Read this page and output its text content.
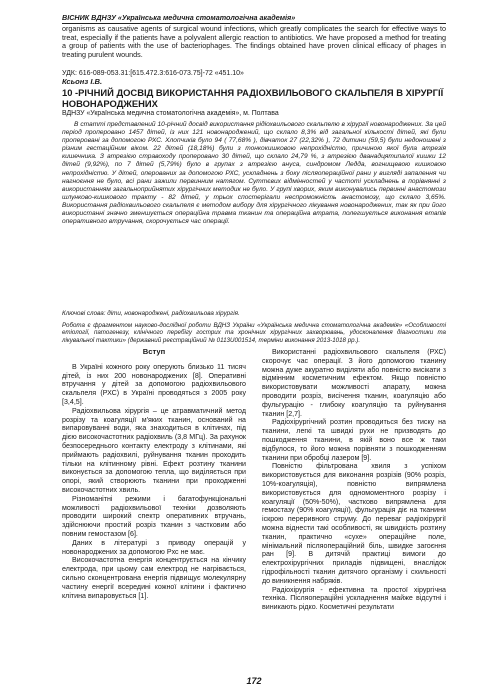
ВІСНИК ВДНЗУ «Українська медична стоматологічна академія»
organisms as causative agents of surgical wound infections, which greatly complicates the search for effective ways to treat, especially if the patients have a polyvalent allergic reaction to antibiotics. We have proposed a method for treating a group of patients with the use of bacteriophages. The findings obtained have proven clinical efficacy of phages in treating purulent wounds.
УДК: 616-089-053.31:[615.472.3:616-073.75]-72 «451.10»
Ксьонз І.В.
10 -РІЧНИЙ ДОСВІД ВИКОРИСТАННЯ РАДІОХВИЛЬОВОГО СКАЛЬПЕЛЯ В ХІРУРГІЇ НОВОНАРОДЖЕНИХ
ВДНЗУ «Українська медична стоматологічна академія», м. Полтава
В статті представлений 10-річний досвід використання рідіохвильового скальпелю в хірургії новонароджених. За цей період проперовано 1457 дітей, із них 121 новонароджений, що склало 8,3% від загальної кількості дітей, які були проперовані за допомогою РХС. Хлопчиків було 94 ( 77,68% ), дівчаток 27 (22,32% ), 72 дитини (59,5) були недоношені з різним гестаційним віком. 22 дітей (18,18%) були з тонкокишковою непрохідністю, причиною якої була атрезія кишечника. З атрезією стравоходу проперовано 30 дітей, що склало 24,79 %, з атрезією дванадцятипалої кишки 12 дітей (9,92%), по 7 дітей (5,79%) було в групах з атрезією ануса, синдромом Ледда, вогнищевою кишковою непрохідністю. У дітей, оперованих за допомогою РХС, ускладнень з боку післяопераційної рани у вигляді запалення чи нагноєння не було, всі рани зажили первинним натягом. Суттєвих відмінностей у частоті ускладнень в порівнянні з використанням загальноприйнятих хірургічних методик не було. У групі хворих, яким виконувались первинні анастомози шлунково-кишкового тракту - 82 дітей, у трьох спостерігали неспроможність анастомозу, що склало 3,65%. Використання радіохвильового скальпеля є методом вибору для хірургічного лікування новонароджених, так як при його використанні значно зменшується операційна травма тканин та операційна втрата, полегшується виконання етапів оперативного втручання, скорочується час операції.
Ключові слова: діти, новонароджені, радіохвильова хірургія.
Робота є фрагментом науково-дослідної роботи ВДНЗ України «Українська медична стоматологічна академія» «Особливості етіології, патогенезу, клінічного перебігу гострих та хронічних хірургічних захворювань, удосконалення діагностики та лікувальної тактики» (державний реєстраційний № 0113U001514, терміни виконання 2013-1018 рр.).
Вступ

В Україні кожного року оперують близько 11 тисяч дітей, із них 200 новонароджених [8]. Оперативні втручання у дітей за допомогою радіохвильового скальпеля (РХС) в Україні проводяться з 2005 року [3,4,5].

Радіохвильова хірургія – це атравматичний метод розрізу та коагуляції м'яких тканин, оснований на випаровуванні води, яка знаходиться в клітинах, під дією високочастотних радіохвиль (3,8 МГц). За рахунок безпосереднього контакту електроду з клітинами, які приймають радіохвилі, руйнування тканин проходить тільки на клітинному рівні. Ефект розтину тканини виконується за допомогою тепла, що виділяється при опорі, який створюють тканини при проходженні високочастотних хвиль.

Різноманітні режими і багатофункціональні можливості радіохвильової техніки дозволяють проводити широкий спектр оперативних втручань, здійснюючи простий розріз тканин з частковим або повним гемостазом [6].

Даних в літературі з приводу операцій у новонароджених за допомогою Рхс не має.

Високочастотна енергія концентрується на кінчику електрода, при цьому сам електрод не нагрівається, сильно сконцентрована енергія підвищує молекулярну частину енергії всередині кожної клітини і фактично клітина випаровується [1].

Використанні радіохвильового скальпеля (РХС) скорочує час операції. З його допомогою тканину можна дуже акуратно виділяти або повністю висікати з відмінним косметичним ефектом. Якщо повністю використовувати можливості апарату, можна проводити розріз, висічення тканин, коагуляцію або фульгурацію - глибоку коагуляцію та руйнування тканин [2,7].

Радіохірургічний розтин проводиться без тиску на тканини, легкі та швидкі рухи не призводять до пошкодження тканини, в якій воно все ж таки відбулося, то його можна порівняти з пошкодженням тканини при обробці лазером [9].

Повністю фільтрована хвиля з успіхом використовується для виконання розрізів (90% розріз, 10%-коагуляція), повністю випрямлена використовується для одномоментного розрізу і коагуляції (50%-50%), частково випрямлена для гемостазу (90% коагуляції), фульгурація діє на тканини іскрою переривного струму. До переваг радіохірургії можна віднести такі особливості, як швидкість розтину тканин, практично «сухе» операційне поле, мінімальний післяопераційний біль, швидке загоєння ран [9]. В дитячій практиці вимоги до електрохірургічних приладів підвищені, внаслідок гідрофільності тканин дитячого організму і схильності до виникнення набряків.

Радіохірургія - ефективна та простої хірургічна техніка. Післяопераційні ускладнення майже відсутні і виникають рідко. Косметичні результати

172
